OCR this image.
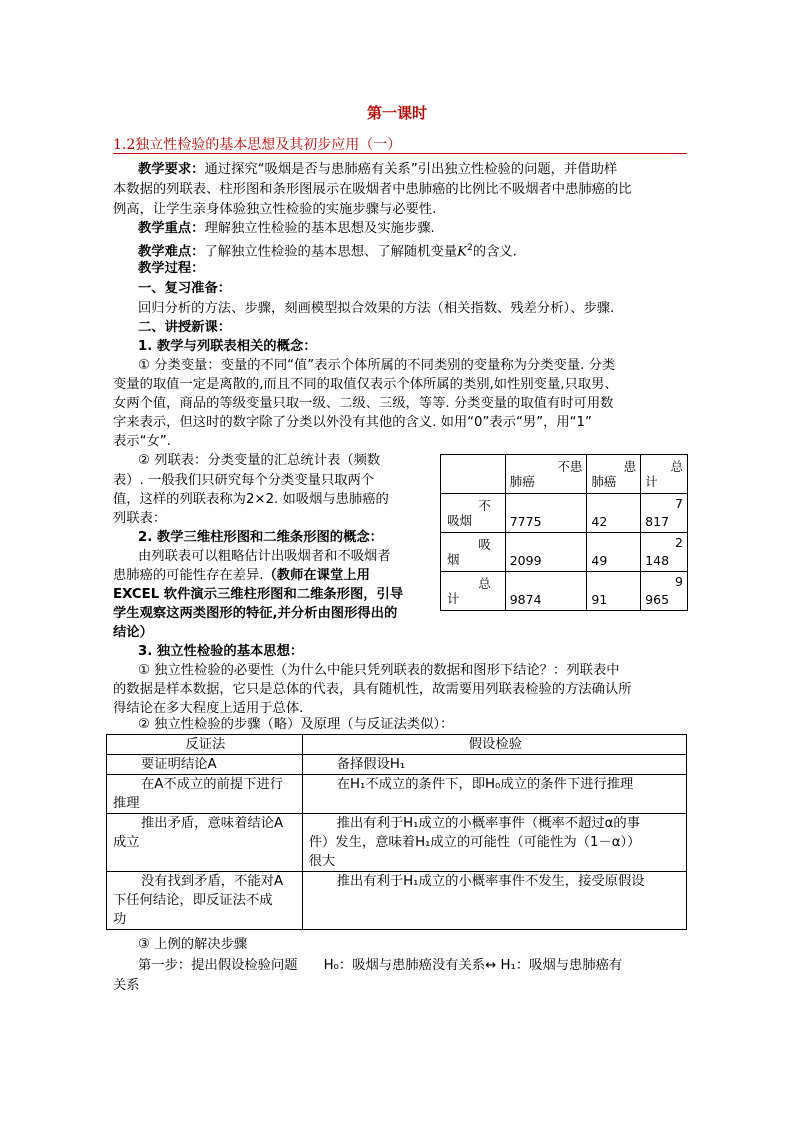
第一课时
1.2独立性检验的基本思想及其初步应用（一）
教学要求：通过探究“吸烟是否与患肺癌有关系”引出独立性检验的问题，并借助样
本数据的列联表、柱形图和条形图展示在吸烟者中患肺癌的比例比不吸烟者中患肺癌的比
例高，让学生亲身体验独立性检验的实施步骤与必要性.
教学重点：理解独立性检验的基本思想及实施步骤.
教学难点：了解独立性检验的基本思想、了解随机变量$K^2$的含义.
教学过程：
一、复习准备：
回归分析的方法、步骤，刻画模型拟合效果的方法（相关指数、残差分析）、步骤.
二、讲授新课：
1. 教学与列联表相关的概念：
① 分类变量：变量的不同“值”表示个体所属的不同类别的变量称为分类变量. 分类
变量的取值一定是离散的,而且不同的取值仅表示个体所属的类别,如性别变量,只取男、
女两个值，商品的等级变量只取一级、二级、三级，等等. 分类变量的取值有时可用数
字来表示，但这时的数字除了分类以外没有其他的含义. 如用“0”表示“男”，用“1”
表示“女”.
② 列联表：分类变量的汇总统计表（频数
表）. 一般我们只研究每个分类变量只取两个
值，这样的列联表称为2×2. 如吸烟与患肺癌的
列联表：

	不患
肺癌	患
肺癌	总
计

不
吸烟	7775	42	7
817

吸
烟	2099	49	2
148

总
计	9874	91	9
965
2. 教学三维柱形图和二维条形图的概念：
由列联表可以粗略估计出吸烟者和不吸烟者
患肺癌的可能性存在差异.（教师在课堂上用
EXCEL 软件演示三维柱形图和二维条形图，引导
学生观察这两类图形的特征,并分析由图形得出的
结论）
3. 独立性检验的基本思想：
① 独立性检验的必要性（为什么中能只凭列联表的数据和图形下结论？：列联表中
的数据是样本数据，它只是总体的代表，具有随机性，故需要用列联表检验的方法确认所
得结论在多大程度上适用于总体.
② 独立性检验的步骤（略）及原理（与反证法类似）：
反证法	假设检验
要证明结论A	备择假设H₁
在A不成立的前提下进行
推理	在H₁不成立的条件下，即H₀成立的条件下进行推理
推出矛盾，意味着结论A
成立	推出有利于H₁成立的小概率事件（概率不超过α的事
件）发生，意味着H₁成立的可能性（可能性为（1－α））
很大
没有找到矛盾，不能对A
下任何结论，即反证法不成
功	推出有利于H₁成立的小概率事件不发生，接受原假设
③ 上例的解决步骤
第一步：提出假设检验问题 H₀：吸烟与患肺癌没有关系↔ H₁：吸烟与患肺癌有
关系
